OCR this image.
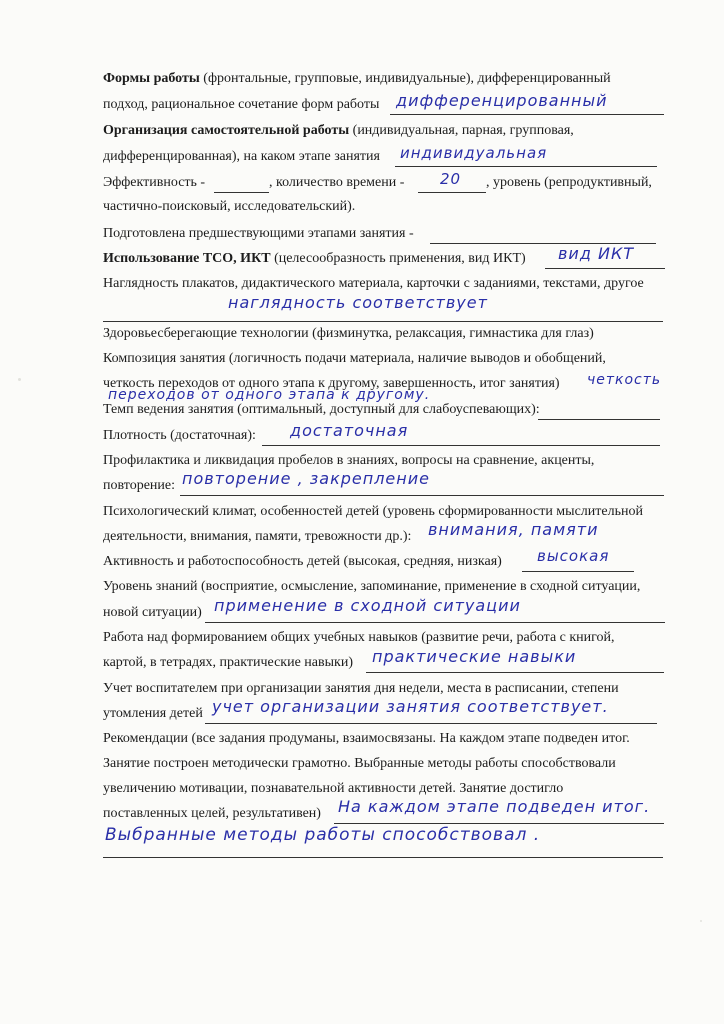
Формы работы (фронтальные, групповые, индивидуальные), дифференцированный
подход, рациональное сочетание форм работы дифференцированный
Организация самостоятельной работы (индивидуальная, парная, групповая,
дифференцированная), на каком этапе занятия индивидуальная
Эффективность -	, количество времени - 20 , уровень (репродуктивный,
частично-поисковый, исследовательский).
Подготовлена предшествующими этапами занятия -
Использование ТСО, ИКТ (целесообразность применения, вид ИКТ) вид ИКТ
Наглядность плакатов, дидактического материала, карточки с заданиями, текстами, другое
наглядность соответствует
Здоровьесберегающие технологии (физминутка, релаксация, гимнастика для глаз)
Композиция занятия (логичность подачи материала, наличие выводов и обобщений,
четкость переходов от одного этапа к другому, завершенность, итог занятия) четкость
переходов от одного этапа к другому.
Темп ведения занятия (оптимальный, доступный для слабоуспевающих):
Плотность (достаточная): достаточная
Профилактика и ликвидация пробелов в знаниях, вопросы на сравнение, акценты,
повторение: повторение , закрепление
Психологический климат, особенностей детей (уровень сформированности мыслительной
деятельности, внимания, памяти, тревожности др.): внимания, памяти
Активность и работоспособность детей (высокая, средняя, низкая) высокая
Уровень знаний (восприятие, осмысление, запоминание, применение в сходной ситуации,
новой ситуации) применение в сходной ситуации
Работа над формированием общих учебных навыков (развитие речи, работа с книгой,
картой, в тетрадях, практические навыки) практические навыки
Учет воспитателем при организации занятия дня недели, места в расписании, степени
утомления детей учет организации занятия соответствует.
Рекомендации (все задания продуманы, взаимосвязаны. На каждом этапе подведен итог.
Занятие построен методически грамотно. Выбранные методы работы способствовали
увеличению мотивации, познавательной активности детей. Занятие достигло
поставленных целей, результативен) На каждом этапе подведен итог.
Выбранные методы работы способствовал .
